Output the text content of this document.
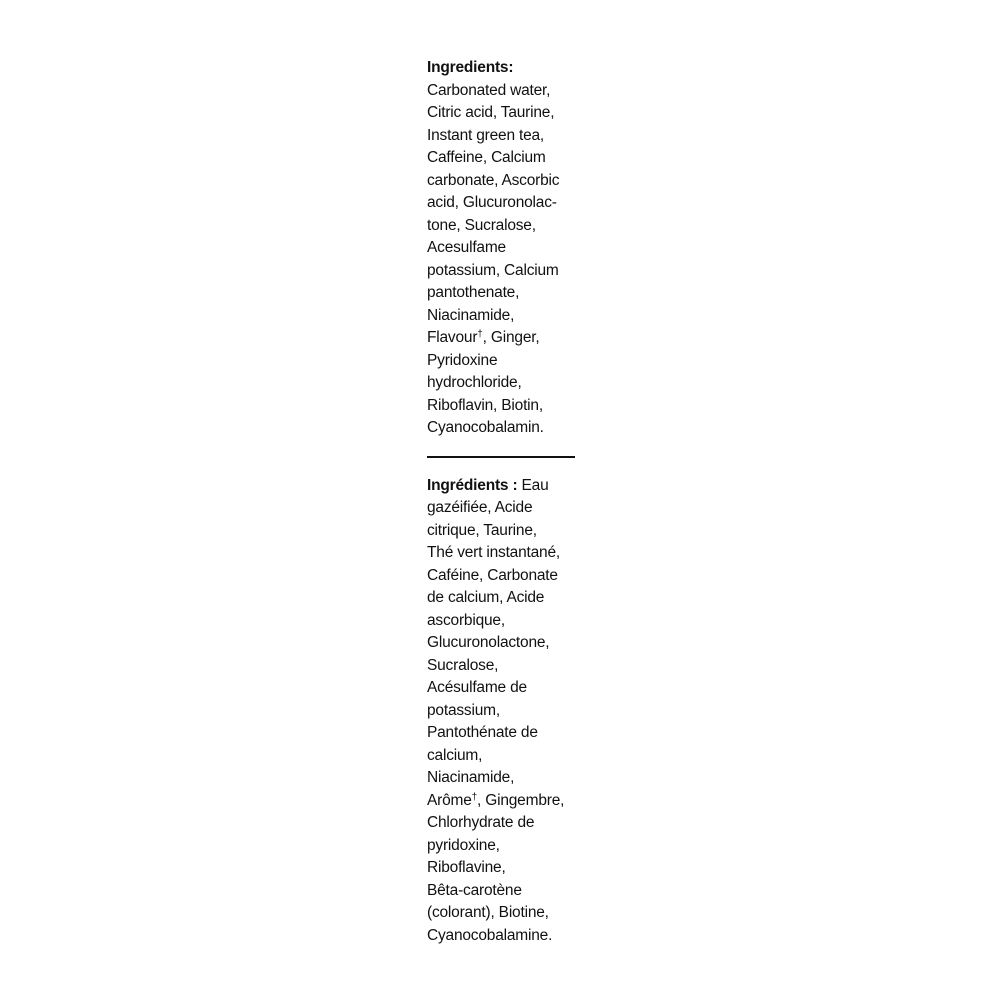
Ingredients:
Carbonated water,
Citric acid, Taurine,
Instant green tea,
Caffeine, Calcium
carbonate, Ascorbic
acid, Glucuronolac-
tone, Sucralose,
Acesulfame
potassium, Calcium
pantothenate,
Niacinamide,
Flavour†, Ginger,
Pyridoxine
hydrochloride,
Riboflavin, Biotin,
Cyanocobalamin.
Ingrédients : Eau
gazéifiée, Acide
citrique, Taurine,
Thé vert instantané,
Caféine, Carbonate
de calcium, Acide
ascorbique,
Glucuronolactone,
Sucralose,
Acésulfame de
potassium,
Pantothénate de
calcium,
Niacinamide,
Arôme†, Gingembre,
Chlorhydrate de
pyridoxine,
Riboflavine,
Bêta-carotène
(colorant), Biotine,
Cyanocobalamine.
